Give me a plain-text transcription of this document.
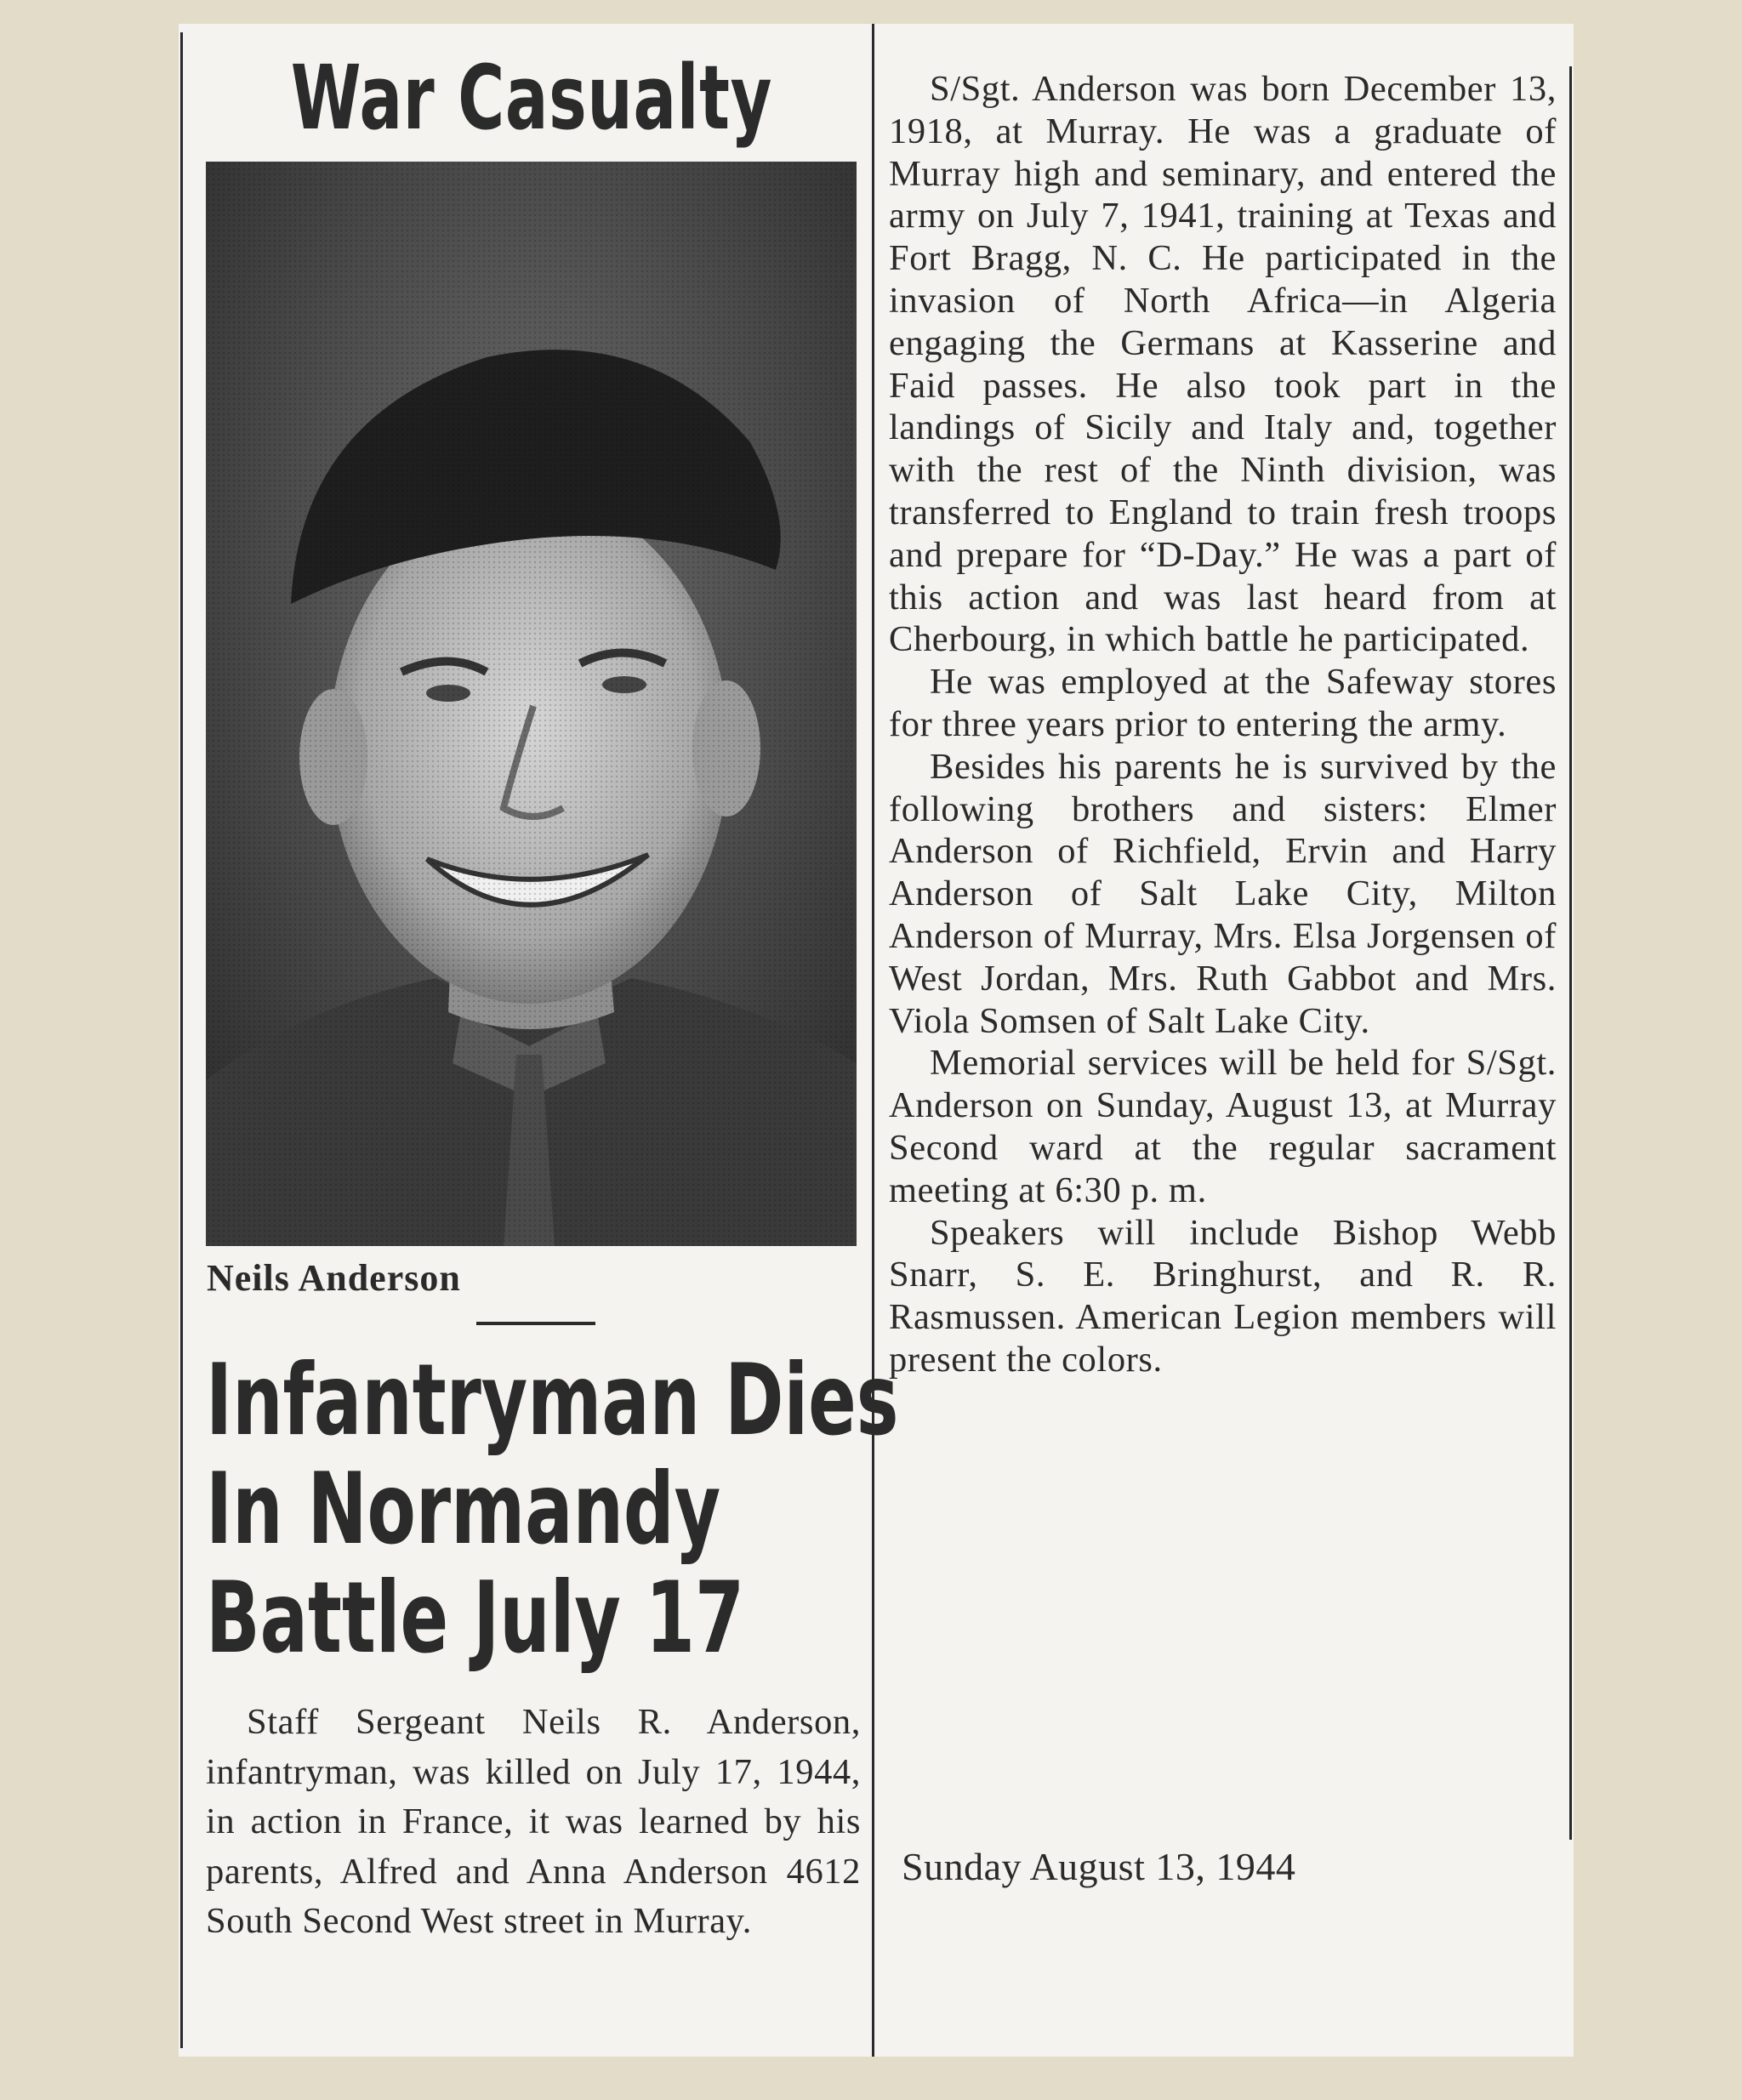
War Casualty
Neils Anderson
Infantryman Dies
In Normandy
Battle July 17

Staff Sergeant Neils R. Anderson, infantryman, was killed on July 17, 1944, in action in France, it was learned by his parents, Alfred and Anna Anderson 4612 South Second West street in Murray.

S/Sgt. Anderson was born December 13, 1918, at Murray. He was a graduate of Murray high and seminary, and entered the army on July 7, 1941, training at Texas and Fort Bragg, N. C. He participated in the invasion of North Africa—in Algeria engaging the Germans at Kasserine and Faid passes. He also took part in the landings of Sicily and Italy and, together with the rest of the Ninth division, was transferred to England to train fresh troops and prepare for “D-Day.” He was a part of this action and was last heard from at Cherbourg, in which battle he participated.

He was employed at the Safeway stores for three years prior to entering the army.

Besides his parents he is survived by the following brothers and sisters: Elmer Anderson of Richfield, Ervin and Harry Anderson of Salt Lake City, Milton Anderson of Murray, Mrs. Elsa Jorgensen of West Jordan, Mrs. Ruth Gabbot and Mrs. Viola Somsen of Salt Lake City.

Memorial services will be held for S/Sgt. Anderson on Sunday, August 13, at Murray Second ward at the regular sacrament meeting at 6:30 p. m.

Speakers will include Bishop Webb Snarr, S. E. Bringhurst, and R. R. Rasmussen. American Legion members will present the colors.

Sunday August 13, 1944
